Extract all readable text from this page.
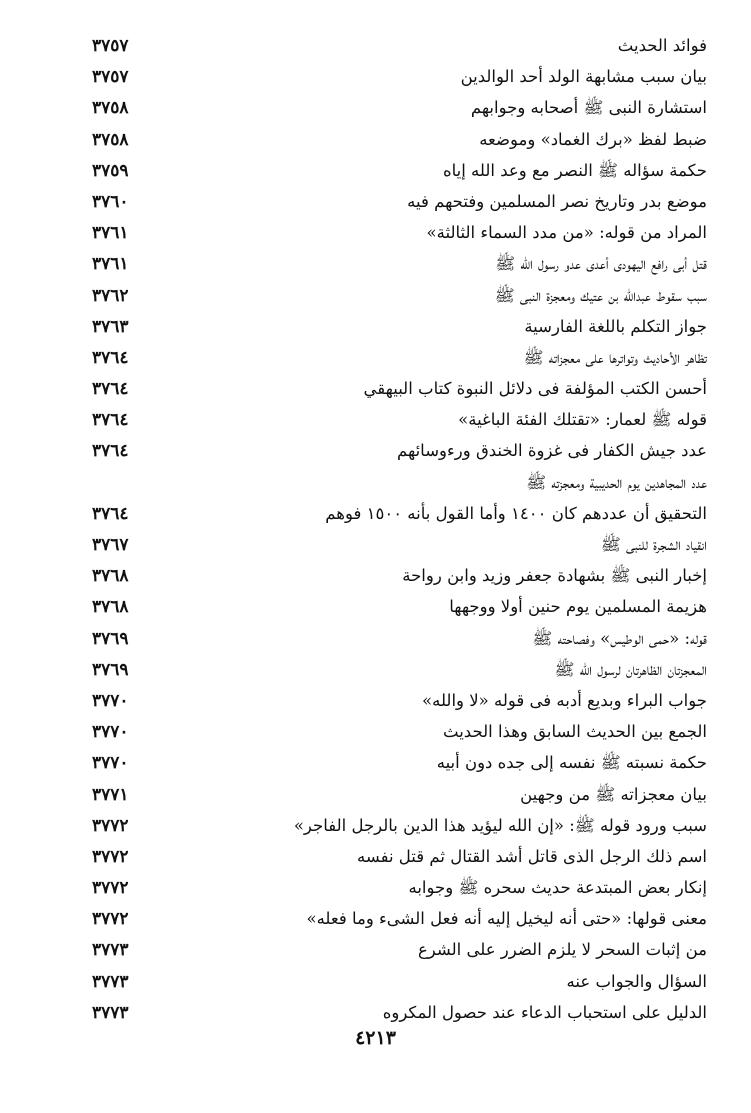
فوائد الحديث
٣٧٥٧
بيان سبب مشابهة الولد أحد الوالدين
٣٧٥٧
استشارة النبى ﷺ أصحابه وجوابهم
٣٧٥٨
ضبط لفظ «برك الغماد» وموضعه
٣٧٥٨
حكمة سؤاله ﷺ النصر مع وعد الله إياه
٣٧٥٩
موضع بدر وتاريخ نصر المسلمين وفتحهم فيه
٣٧٦٠
المراد من قوله: «من مدد السماء الثالثة»
٣٧٦١
قتل أبى رافع اليهودى أعدى عدو رسول الله ﷺ
٣٧٦١
سبب سقوط عبدالله بن عتيك ومعجزة النبى ﷺ
٣٧٦٢
جواز التكلم باللغة الفارسية
٣٧٦٣
تظاهر الأحاديث وتواترها على معجزاته ﷺ
٣٧٦٤
أحسن الكتب المؤلفة فى دلائل النبوة كتاب البيهقي
٣٧٦٤
قوله ﷺ لعمار: «تقتلك الفئة الباغية»
٣٧٦٤
عدد جيش الكفار فى غزوة الخندق ورءوسائهم
٣٧٦٤
عدد المجاهدين يوم الحديبية ومعجزته ﷺ
التحقيق أن عددهم كان ١٤٠٠ وأما القول بأنه ١٥٠٠ فوهم
٣٧٦٤
انقياد الشجرة للنبى ﷺ
٣٧٦٧
إخبار النبى ﷺ بشهادة جعفر وزيد وابن رواحة
٣٧٦٨
هزيمة المسلمين يوم حنين أولا ووجهها
٣٧٦٨
قوله: «حمى الوطيس» وفصاحته ﷺ
٣٧٦٩
المعجزتان الظاهرتان لرسول الله ﷺ
٣٧٦٩
جواب البراء وبديع أدبه فى قوله «لا والله»
٣٧٧٠
الجمع بين الحديث السابق وهذا الحديث
٣٧٧٠
حكمة نسبته ﷺ نفسه إلى جده دون أبيه
٣٧٧٠
بيان معجزاته ﷺ من وجهين
٣٧٧١
سبب ورود قوله ﷺ: «إن الله ليؤيد هذا الدين بالرجل الفاجر»
٣٧٧٢
اسم ذلك الرجل الذى قاتل أشد القتال ثم قتل نفسه
٣٧٧٢
إنكار بعض المبتدعة حديث سحره ﷺ وجوابه
٣٧٧٢
معنى قولها: «حتى أنه ليخيل إليه أنه فعل الشىء وما فعله»
٣٧٧٢
من إثبات السحر لا يلزم الضرر على الشرع
٣٧٧٣
السؤال والجواب عنه
٣٧٧٣
الدليل على استحباب الدعاء عند حصول المكروه
٣٧٧٣
٤٢١٣
